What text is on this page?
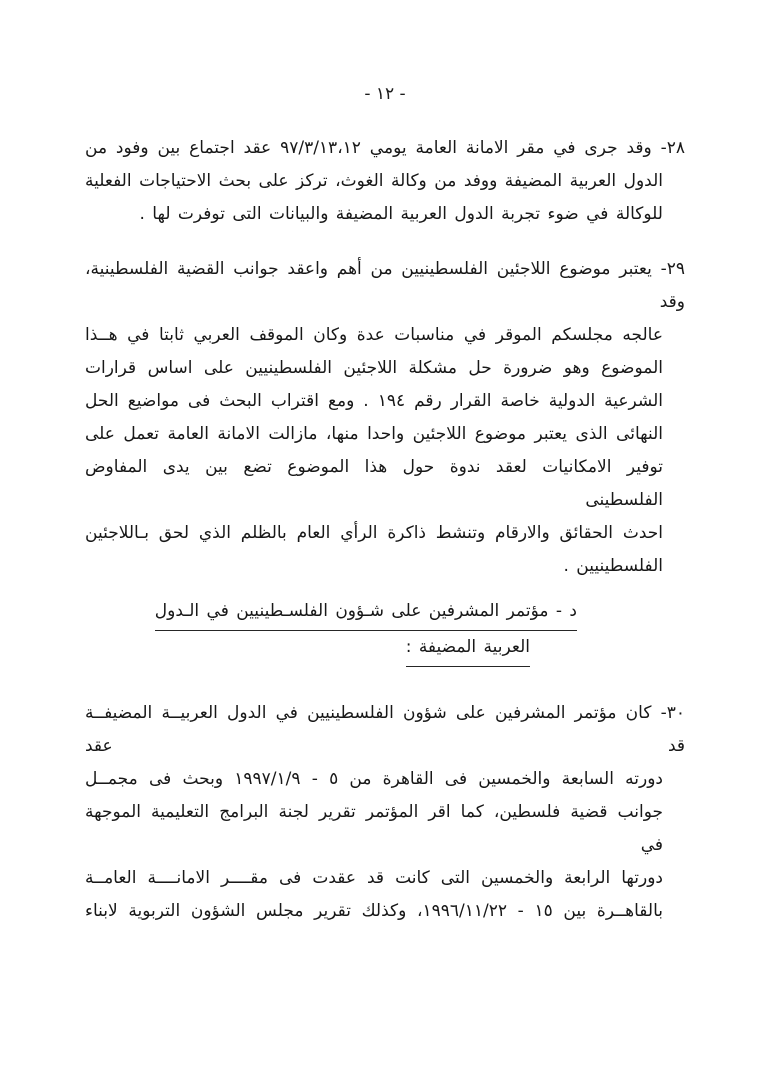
- ١٢ -
٢٨- وقد جرى في مقر الامانة العامة يومي ٩٧/٣/١٣،١٢ عقد اجتماع بين وفود من
الدول العربية المضيفة ووفد من وكالة الغوث، تركز على بحث الاحتياجات الفعلية
للوكالة في ضوء تجربة الدول العربية المضيفة والبيانات التى توفرت لها .
٢٩- يعتبر موضوع اللاجئين الفلسطينيين من أهم واعقد جوانب القضية الفلسطينية، وقد
عالجه مجلسكم الموقر في مناسبات عدة وكان الموقف العربي ثابتا في هــذا
الموضوع وهو ضرورة حل مشكلة اللاجئين الفلسطينيين على اساس قرارات
الشرعية الدولية خاصة القرار رقم ١٩٤ . ومع اقتراب البحث فى مواضيع الحل
النهائى الذى يعتبر موضوع اللاجئين واحدا منها، مازالت الامانة العامة تعمل على
توفير الامكانيات لعقد ندوة حول هذا الموضوع تضع بين يدى المفاوض الفلسطينى
احدث الحقائق والارقام وتنشط ذاكرة الرأي العام بالظلم الذي لحق بـاللاجئين
الفلسطينيين .
د - مؤتمر المشرفين على شـؤون الفلسـطينيين في الـدول
العربية المضيفة :
٣٠- كان مؤتمر المشرفين على شؤون الفلسطينيين في الدول العربيــة المضيفــة قد عقد
دورته السابعة والخمسين فى القاهرة من ٥ - ١٩٩٧/١/٩ وبحث فى مجمــل
جوانب قضية فلسطين، كما اقر المؤتمر تقرير لجنة البرامج التعليمية الموجهة في
دورتها الرابعة والخمسين التى كانت قد عقدت فى مقــــر الامانــــة العامــة
بالقاهــرة بين ١٥ - ١٩٩٦/١١/٢٢، وكذلك تقرير مجلس الشؤون التربوية لابناء
